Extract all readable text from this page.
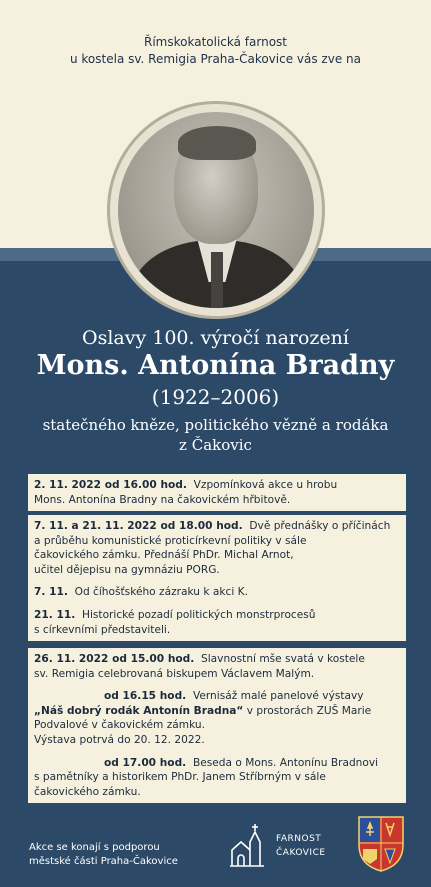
Římskokatolická farnost
u kostela sv. Remigia Praha-Čakovice vás zve na
Oslavy 100. výročí narození
Mons. Antonína Bradny
(1922–2006)
statečného kněze, politického vězně a rodáka
z Čakovic
2. 11. 2022 od 16.00 hod. Vzpomínková akce u hrobu
Mons. Antonína Bradny na čakovickém hřbitově.
7. 11. a 21. 11. 2022 od 18.00 hod. Dvě přednášky o příčinách
a průběhu komunistické proticírkevní politiky v sále
čakovického zámku. Přednáší PhDr. Michal Arnot,
učitel dějepisu na gymnáziu PORG.
7. 11. Od číhošťského zázraku k akci K.
21. 11. Historické pozadí politických monstrprocesů
s církevními představiteli.
26. 11. 2022 od 15.00 hod. Slavnostní mše svatá v kostele
sv. Remigia celebrovaná biskupem Václavem Malým.
od 16.15 hod. Vernisáž malé panelové výstavy
„Náš dobrý rodák Antonín Bradna“ v prostorách ZUŠ Marie
Podvalové v čakovickém zámku.
Výstava potrvá do 20. 12. 2022.
od 17.00 hod. Beseda o Mons. Antonínu Bradnovi
s pamětníky a historikem PhDr. Janem Stříbrným v sále
čakovického zámku.
Akce se konají s podporou
městské části Praha-Čakovice
FARNOST
ČAKOVICE
